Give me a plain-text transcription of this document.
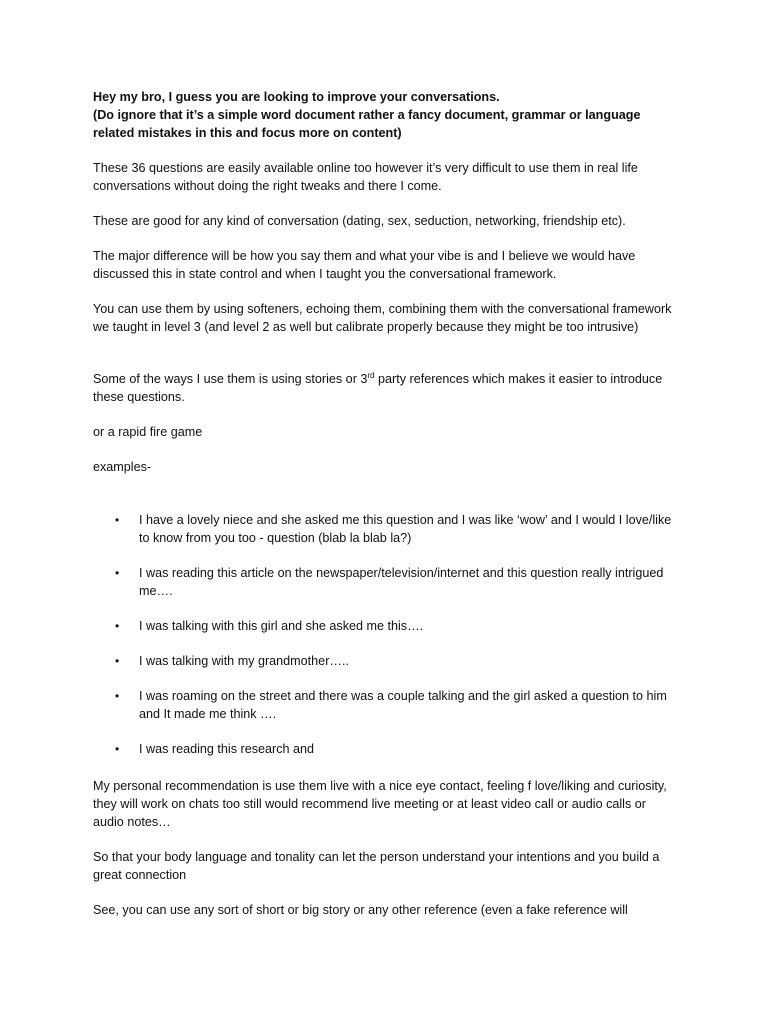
Hey my bro, I guess you are looking to improve your conversations.

(Do ignore that it’s a simple word document rather a fancy document, grammar or language related mistakes in this and focus more on content)

These 36 questions are easily available online too however it’s very difficult to use them in real life conversations without doing the right tweaks and there I come.

These are good for any kind of conversation (dating, sex, seduction, networking, friendship etc).

The major difference will be how you say them and what your vibe is and I believe we would have discussed this in state control and when I taught you the conversational framework.

You can use them by using softeners, echoing them, combining them with the conversational framework we taught in level 3 (and level 2 as well but calibrate properly because they might be too intrusive)

Some of the ways I use them is using stories or 3rd party references which makes it easier to introduce these questions.

or a rapid fire game

examples-

• I have a lovely niece and she asked me this question and I was like ‘wow’ and I would I love/like to know from you too - question (blab la blab la?)
• I was reading this article on the newspaper/television/internet and this question really intrigued me….
• I was talking with this girl and she asked me this….
• I was talking with my grandmother…..
• I was roaming on the street and there was a couple talking and the girl asked a question to him and It made me think ….
• I was reading this research and

My personal recommendation is use them live with a nice eye contact, feeling f love/liking and curiosity, they will work on chats too still would recommend live meeting or at least video call or audio calls or audio notes…

So that your body language and tonality can let the person understand your intentions and you build a great connection

See, you can use any sort of short or big story or any other reference (even a fake reference will
